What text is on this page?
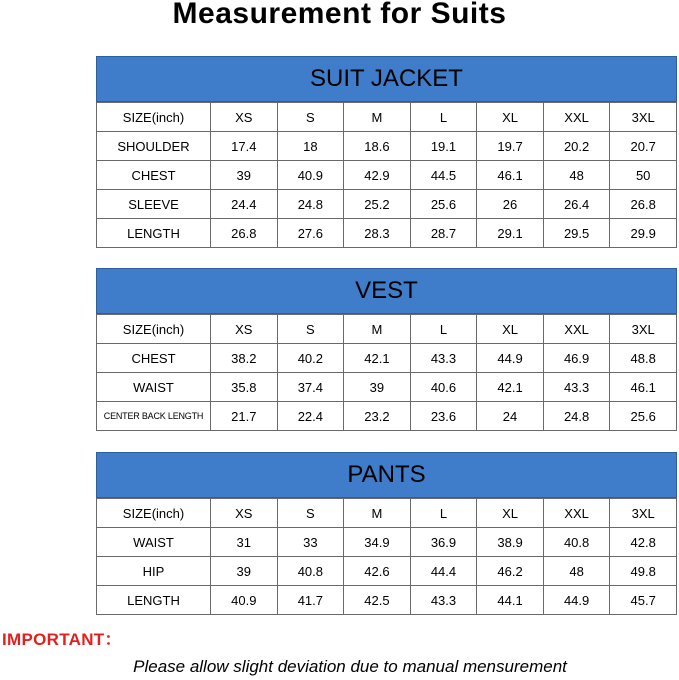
Measurement for Suits
SUIT JACKET
SIZE(inch)	XS	S	M	L	XL	XXL	3XL
SHOULDER	17.4	18	18.6	19.1	19.7	20.2	20.7
CHEST	39	40.9	42.9	44.5	46.1	48	50
SLEEVE	24.4	24.8	25.2	25.6	26	26.4	26.8
LENGTH	26.8	27.6	28.3	28.7	29.1	29.5	29.9
VEST
SIZE(inch)	XS	S	M	L	XL	XXL	3XL
CHEST	38.2	40.2	42.1	43.3	44.9	46.9	48.8
WAIST	35.8	37.4	39	40.6	42.1	43.3	46.1
CENTER BACK LENGTH	21.7	22.4	23.2	23.6	24	24.8	25.6
PANTS
SIZE(inch)	XS	S	M	L	XL	XXL	3XL
WAIST	31	33	34.9	36.9	38.9	40.8	42.8
HIP	39	40.8	42.6	44.4	46.2	48	49.8
LENGTH	40.9	41.7	42.5	43.3	44.1	44.9	45.7
IMPORTANT：
Please allow slight deviation due to manual mensurement
